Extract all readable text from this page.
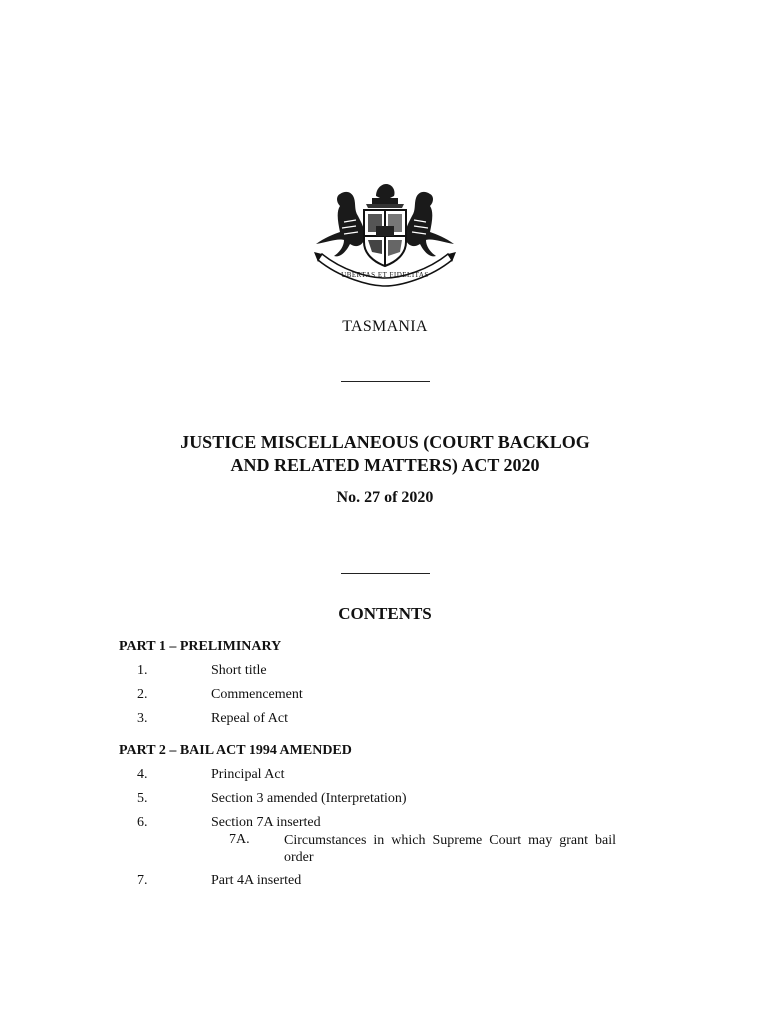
UBERTAS ET FIDELITAS
TASMANIA
JUSTICE MISCELLANEOUS (COURT BACKLOG
AND RELATED MATTERS) ACT 2020
No. 27 of 2020
CONTENTS
PART 1 – PRELIMINARY
1.	Short title
2.	Commencement
3.	Repeal of Act
PART 2 – BAIL ACT 1994 AMENDED
4.	Principal Act
5.	Section 3 amended (Interpretation)
6.	Section 7A inserted
7A. Circumstances in which Supreme Court may grant bail order
7.	Part 4A inserted
